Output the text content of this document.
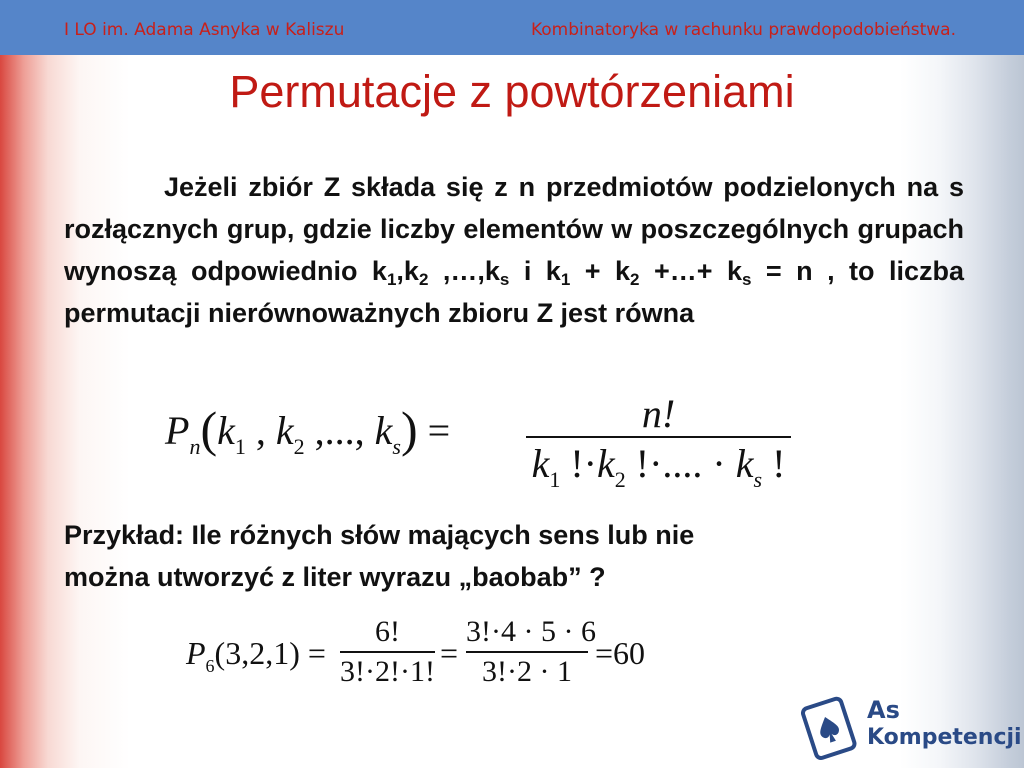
I LO im. Adama Asnyka w Kaliszu	Kombinatoryka w rachunku prawdopodobieństwa.
Permutacje z powtórzeniami
Jeżeli zbiór Z składa się z n przedmiotów podzielonych na s rozłącznych grup, gdzie liczby elementów w poszczególnych grupach wynoszą odpowiednio $k_1,k_2$ $,\dots,k_s$ i $k_1 + k_2$ +…+ $k_s = n$ , to liczba permutacji nierównoważnych zbioru Z jest równa
$P_n(k_1$ , $k_2$ ,..., $k_s$) =	n!
$k_1$ $!\cdot k_2$ !·.... · $k_s$ !
Przykład: Ile różnych słów mających sens lub nie
można utworzyć z liter wyrazu „baobab” ?
$P_6(3,2,1)$ =
6!
3!·2!·1!
=
3!·4 · 5 · 6
3!·2 · 1
=60
As
Kompetencji
